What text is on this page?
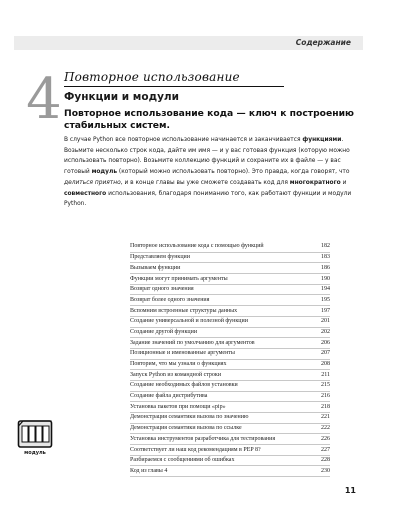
Содержание
4 Повторное использование
Функции и модули
Повторное использование кода — ключ к построению стабильных систем.

В случае Python все повторное использование начинается и заканчивается функциями. Возьмите несколько строк кода, дайте им имя — и у вас готовая функция (которую можно использовать повторно). Возьмите коллекцию функций и сохраните их в файле — у вас готовый модуль (который можно использовать повторно). Это правда, когда говорят, что делиться приятно, и в конце главы вы уже сможете создавать код для многократного и совместного использования, благодаря пониманию того, как работают функции и модули Python.

Повторное использование кода с помощью функций	182
Представляем функции	183
Вызываем функции	186
Функции могут принимать аргументы	190
Возврат одного значения	194
Возврат более одного значения	195
Вспомним встроенные структуры данных	197
Создание универсальной и полезной функции	201
Создание другой функции	202
Задание значений по умолчанию для аргументов	206
Позиционные и именованные аргументы	207
Повторим, что мы узнали о функциях	208
Запуск Python из командной строки	211
Создание необходимых файлов установки	215
Создание файла дистрибутива	216
Установка пакетов при помощи «pip»	218
Демонстрация семантики вызова по значению	221
Демонстрация семантики вызова по ссылке	222
Установка инструментов разработчика для тестирования	226
Соответствует ли наш код рекомендациям в PEP 8?	227
Разбираемся с сообщениями об ошибках	228
Код из главы 4	230
модуль
11
